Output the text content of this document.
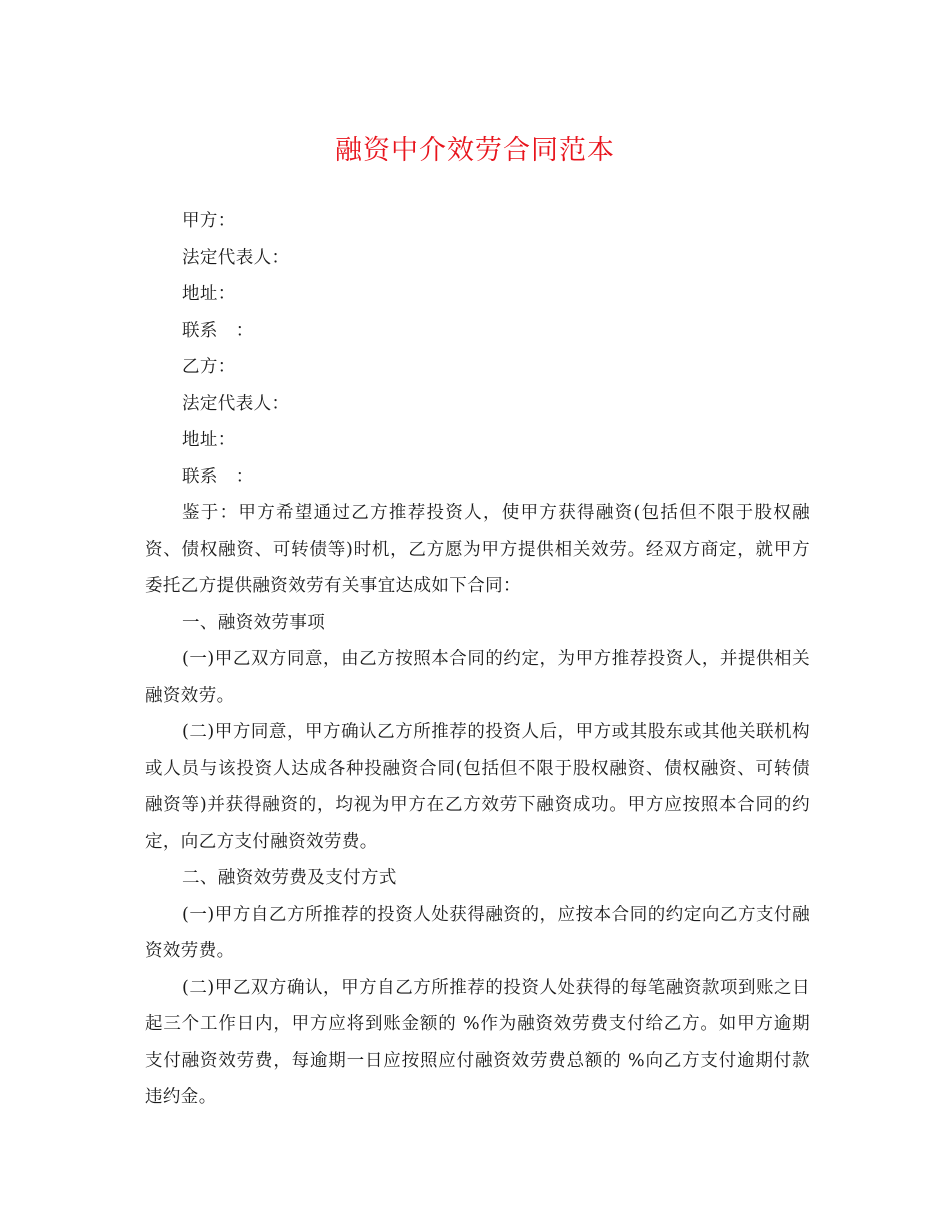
融资中介效劳合同范本

甲方：

法定代表人：

地址：

联系　：

乙方：

法定代表人：

地址：

联系　：

鉴于：甲方希望通过乙方推荐投资人，使甲方获得融资(包括但不限于股权融资、债权融资、可转债等)时机，乙方愿为甲方提供相关效劳。经双方商定，就甲方委托乙方提供融资效劳有关事宜达成如下合同：

一、融资效劳事项

(一)甲乙双方同意，由乙方按照本合同的约定，为甲方推荐投资人，并提供相关融资效劳。

(二)甲方同意，甲方确认乙方所推荐的投资人后，甲方或其股东或其他关联机构或人员与该投资人达成各种投融资合同(包括但不限于股权融资、债权融资、可转债融资等)并获得融资的，均视为甲方在乙方效劳下融资成功。甲方应按照本合同的约定，向乙方支付融资效劳费。

二、融资效劳费及支付方式

(一)甲方自乙方所推荐的投资人处获得融资的，应按本合同的约定向乙方支付融资效劳费。

(二)甲乙双方确认，甲方自乙方所推荐的投资人处获得的每笔融资款项到账之日起三个工作日内，甲方应将到账金额的 %作为融资效劳费支付给乙方。如甲方逾期支付融资效劳费，每逾期一日应按照应付融资效劳费总额的 %向乙方支付逾期付款违约金。
